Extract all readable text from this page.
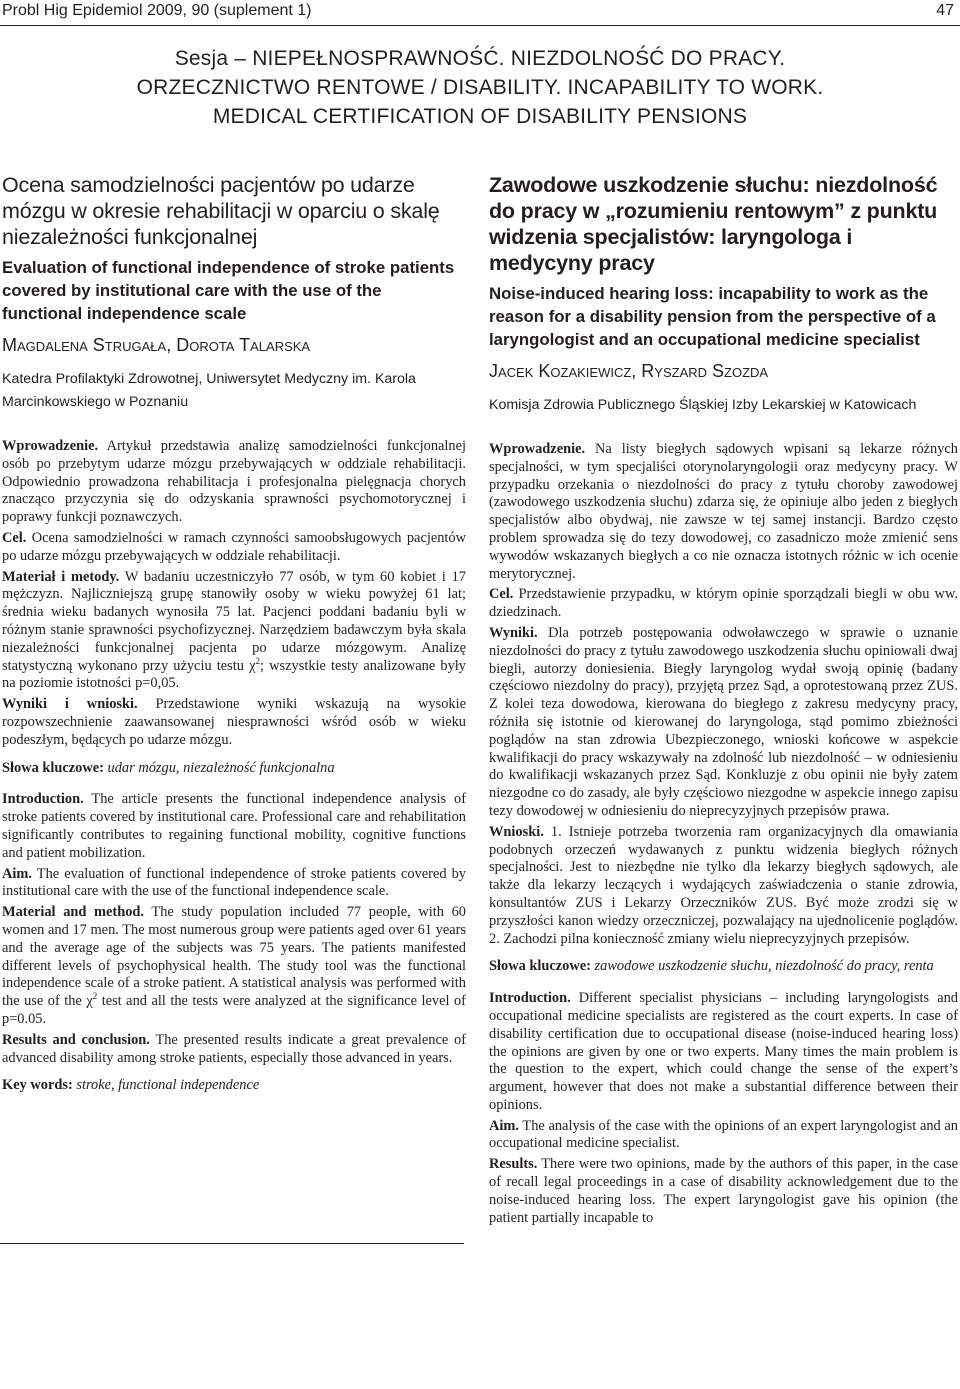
Probl Hig Epidemiol 2009, 90 (suplement 1)	47
Sesja – NIEPEŁNOSPRAWNOŚĆ. NIEZDOLNOŚĆ DO PRACY.
ORZECZNICTWO RENTOWE / DISABILITY. INCAPABILITY TO WORK.
MEDICAL CERTIFICATION OF DISABILITY PENSIONS
Ocena samodzielności pacjentów po udarze mózgu w okresie rehabilitacji w oparciu o skalę niezależności funkcjonalnej
Evaluation of functional independence of stroke patients covered by institutional care with the use of the functional independence scale
Magdalena Strugała, Dorota Talarska
Katedra Profilaktyki Zdrowotnej, Uniwersytet Medyczny im. Karola Marcinkowskiego w Poznaniu

Wprowadzenie. Artykuł przedstawia analizę samodzielności funkcjonalnej osób po przebytym udarze mózgu przebywających w oddziale rehabilitacji. Odpowiednio prowadzona rehabilitacja i profesjonalna pielęgnacja chorych znacząco przyczynia się do odzyskania sprawności psychomotorycznej i poprawy funkcji poznawczych.

Cel. Ocena samodzielności w ramach czynności samoobsługowych pacjentów po udarze mózgu przebywających w oddziale rehabilitacji.

Materiał i metody. W badaniu uczestniczyło 77 osób, w tym 60 kobiet i 17 mężczyzn. Najliczniejszą grupę stanowiły osoby w wieku powyżej 61 lat; średnia wieku badanych wynosiła 75 lat. Pacjenci poddani badaniu byli w różnym stanie sprawności psychofizycznej. Narzędziem badawczym była skala niezależności funkcjonalnej pacjenta po udarze mózgowym. Analizę statystyczną wykonano przy użyciu testu $\chi^2$; wszystkie testy analizowane były na poziomie istotności p=0,05.

Wyniki i wnioski. Przedstawione wyniki wskazują na wysokie rozpowszechnienie zaawansowanej niesprawności wśród osób w wieku podeszłym, będących po udarze mózgu.

Słowa kluczowe: udar mózgu, niezależność funkcjonalna

Introduction. The article presents the functional independence analysis of stroke patients covered by institutional care. Professional care and rehabilitation significantly contributes to regaining functional mobility, cognitive functions and patient mobilization.

Aim. The evaluation of functional independence of stroke patients covered by institutional care with the use of the functional independence scale.

Material and method. The study population included 77 people, with 60 women and 17 men. The most numerous group were patients aged over 61 years and the average age of the subjects was 75 years. The patients manifested different levels of psychophysical health. The study tool was the functional independence scale of a stroke patient. A statistical analysis was performed with the use of the $\chi^2$ test and all the tests were analyzed at the significance level of p=0.05.

Results and conclusion. The presented results indicate a great prevalence of advanced disability among stroke patients, especially those advanced in years.

Key words: stroke, functional independence

Zawodowe uszkodzenie słuchu: niezdolność do pracy w „rozumieniu rentowym” z punktu widzenia specjalistów: laryngologa i medycyny pracy
Noise-induced hearing loss: incapability to work as the reason for a disability pension from the perspective of a laryngologist and an occupational medicine specialist
Jacek Kozakiewicz, Ryszard Szozda
Komisja Zdrowia Publicznego Śląskiej Izby Lekarskiej w Katowicach

Wprowadzenie. Na listy biegłych sądowych wpisani są lekarze różnych specjalności, w tym specjaliści otorynolaryngologii oraz medycyny pracy. W przypadku orzekania o niezdolności do pracy z tytułu choroby zawodowej (zawodowego uszkodzenia słuchu) zdarza się, że opiniuje albo jeden z biegłych specjalistów albo obydwaj, nie zawsze w tej samej instancji. Bardzo często problem sprowadza się do tezy dowodowej, co zasadniczo może zmienić sens wywodów wskazanych biegłych a co nie oznacza istotnych różnic w ich ocenie merytorycznej.

Cel. Przedstawienie przypadku, w którym opinie sporządzali biegli w obu ww. dziedzinach.

Wyniki. Dla potrzeb postępowania odwoławczego w sprawie o uznanie niezdolności do pracy z tytułu zawodowego uszkodzenia słuchu opiniowali dwaj biegli, autorzy doniesienia. Biegły laryngolog wydał swoją opinię (badany częściowo niezdolny do pracy), przyjętą przez Sąd, a oprotestowaną przez ZUS. Z kolei teza dowodowa, kierowana do biegłego z zakresu medycyny pracy, różniła się istotnie od kierowanej do laryngologa, stąd pomimo zbieżności poglądów na stan zdrowia Ubezpieczonego, wnioski końcowe w aspekcie kwalifikacji do pracy wskazywały na zdolność lub niezdolność – w odniesieniu do kwalifikacji wskazanych przez Sąd. Konkluzje z obu opinii nie były zatem niezgodne co do zasady, ale były częściowo niezgodne w aspekcie innego zapisu tezy dowodowej w odniesieniu do nieprecyzyjnych przepisów prawa.

Wnioski. 1. Istnieje potrzeba tworzenia ram organizacyjnych dla omawiania podobnych orzeczeń wydawanych z punktu widzenia biegłych różnych specjalności. Jest to niezbędne nie tylko dla lekarzy biegłych sądowych, ale także dla lekarzy leczących i wydających zaświadczenia o stanie zdrowia, konsultantów ZUS i Lekarzy Orzeczników ZUS. Być może zrodzi się w przyszłości kanon wiedzy orzeczniczej, pozwalający na ujednolicenie poglądów. 2. Zachodzi pilna konieczność zmiany wielu nieprecyzyjnych przepisów.

Słowa kluczowe: zawodowe uszkodzenie słuchu, niezdolność do pracy, renta

Introduction. Different specialist physicians – including laryngologists and occupational medicine specialists are registered as the court experts. In case of disability certification due to occupational disease (noise-induced hearing loss) the opinions are given by one or two experts. Many times the main problem is the question to the expert, which could change the sense of the expert’s argument, however that does not make a substantial difference between their opinions.

Aim. The analysis of the case with the opinions of an expert laryngologist and an occupational medicine specialist.

Results. There were two opinions, made by the authors of this paper, in the case of recall legal proceedings in a case of disability acknowledgement due to the noise-induced hearing loss. The expert laryngologist gave his opinion (the patient partially incapable to
